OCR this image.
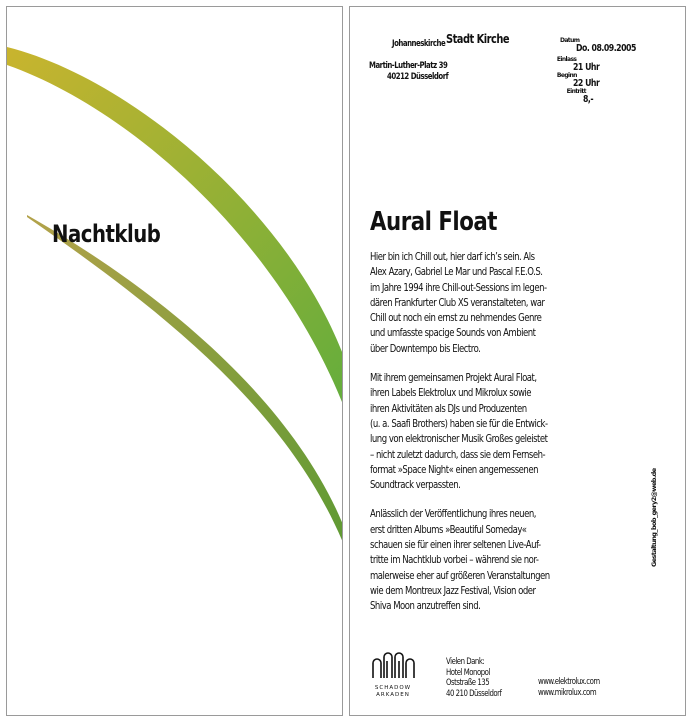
Nachtklub
Johanneskirche Stadt Kirche
Martin-Luther-Platz 39
40212 Düsseldorf
Datum
Do. 08.09.2005
Einlass
21 Uhr
Beginn
22 Uhr
Eintritt
8,-
Aural Float

Hier bin ich Chill out, hier darf ich’s sein. Als
Alex Azary, Gabriel Le Mar und Pascal F.E.O.S.
im Jahre 1994 ihre Chill-out-Sessions im legen-
dären Frankfurter Club XS veranstalteten, war
Chill out noch ein ernst zu nehmendes Genre
und umfasste spacige Sounds von Ambient
über Downtempo bis Electro.

Mit ihrem gemeinsamen Projekt Aural Float,
ihren Labels Elektrolux und Mikrolux sowie
ihren Aktivitäten als DJs und Produzenten
(u. a. Saafi Brothers) haben sie für die Entwick-
lung von elektronischer Musik Großes geleistet
– nicht zuletzt dadurch, dass sie dem Fernseh-
format »Space Night« einen angemessenen
Soundtrack verpassten.

Anlässlich der Veröffentlichung ihres neuen,
erst dritten Albums »Beautiful Someday«
schauen sie für einen ihrer seltenen Live-Auf-
tritte im Nachtklub vorbei – während sie nor-
malerweise eher auf größeren Veranstaltungen
wie dem Montreux Jazz Festival, Vision oder
Shiva Moon anzutreffen sind.

Gestaltung_bob_gery2@web.de
SCHADOW
ARKADEN
Vielen Dank:
Hotel Monopol
Oststraße 135
40 210 Düsseldorf
www.elektrolux.com
www.mikrolux.com
